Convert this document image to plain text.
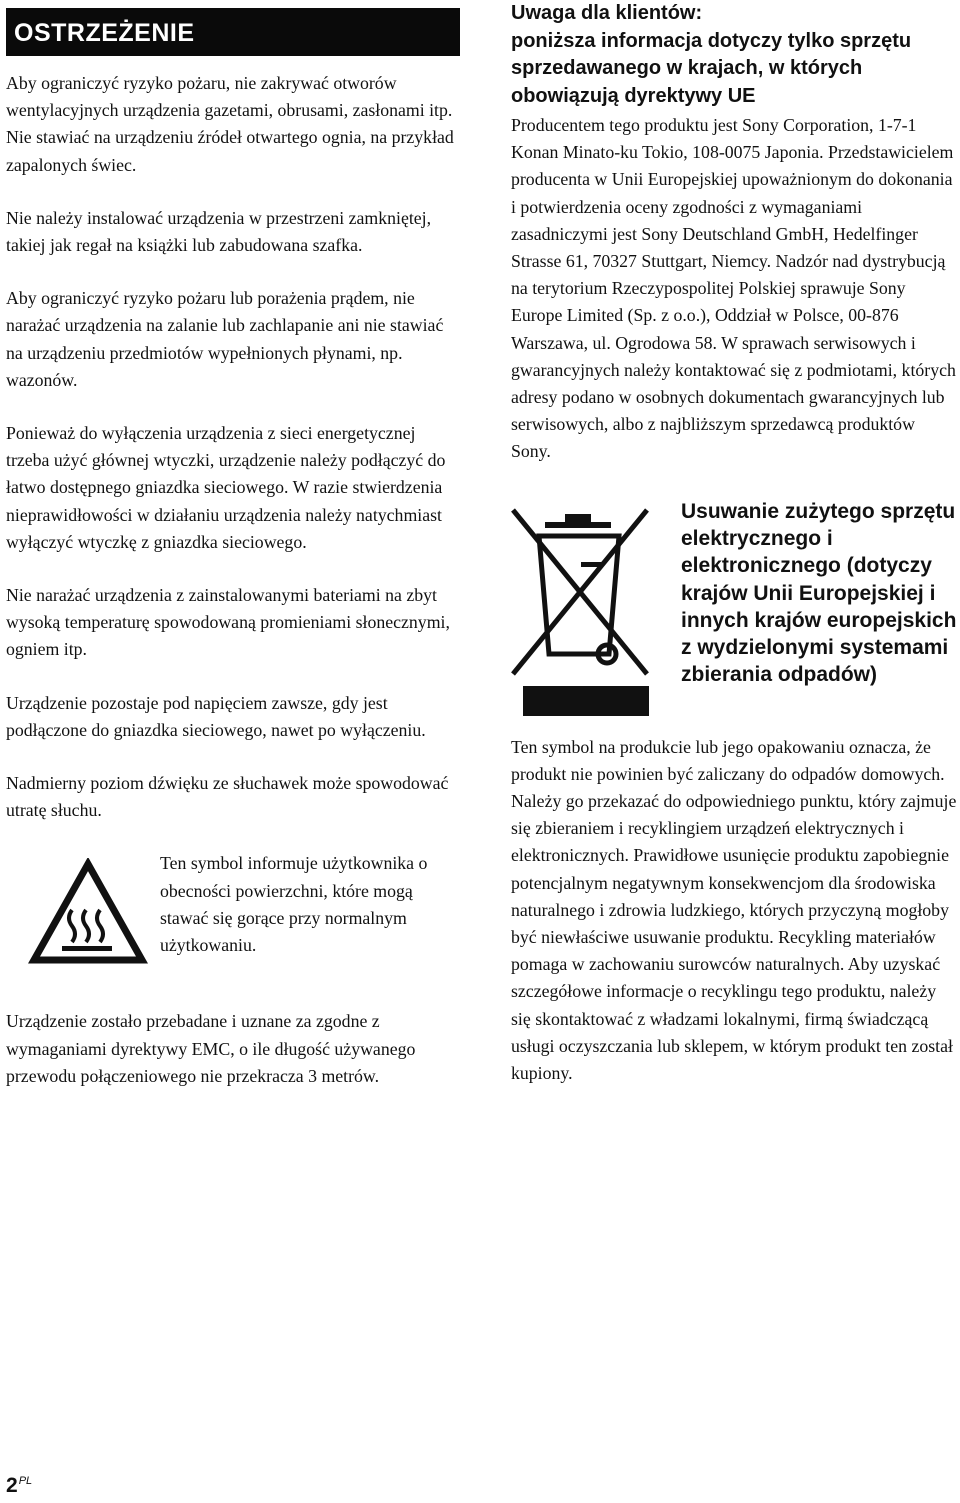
OSTRZEŻENIE

Aby ograniczyć ryzyko pożaru, nie zakrywać otworów wentylacyjnych urządzenia gazetami, obrusami, zasłonami itp. Nie stawiać na urządzeniu źródeł otwartego ognia, na przykład zapalonych świec.

Nie należy instalować urządzenia w przestrzeni zamkniętej, takiej jak regał na książki lub zabudowana szafka.

Aby ograniczyć ryzyko pożaru lub porażenia prądem, nie narażać urządzenia na zalanie lub zachlapanie ani nie stawiać na urządzeniu przedmiotów wypełnionych płynami, np. wazonów.

Ponieważ do wyłączenia urządzenia z sieci energetycznej trzeba użyć głównej wtyczki, urządzenie należy podłączyć do łatwo dostępnego gniazdka sieciowego. W razie stwierdzenia nieprawidłowości w działaniu urządzenia należy natychmiast wyłączyć wtyczkę z gniazdka sieciowego.

Nie narażać urządzenia z zainstalowanymi bateriami na zbyt wysoką temperaturę spowodowaną promieniami słonecznymi, ogniem itp.

Urządzenie pozostaje pod napięciem zawsze, gdy jest podłączone do gniazdka sieciowego, nawet po wyłączeniu.

Nadmierny poziom dźwięku ze słuchawek może spowodować utratę słuchu.

Ten symbol informuje użytkownika o obecności powierzchni, które mogą stawać się gorące przy normalnym użytkowaniu.

Urządzenie zostało przebadane i uznane za zgodne z wymaganiami dyrektywy EMC, o ile długość używanego przewodu połączeniowego nie przekracza 3 metrów.

Uwaga dla klientów:
poniższa informacja dotyczy tylko sprzętu sprzedawanego w krajach, w których obowiązują dyrektywy UE

Producentem tego produktu jest Sony Corporation, 1-7-1 Konan Minato-ku Tokio, 108-0075 Japonia. Przedstawicielem producenta w Unii Europejskiej upoważnionym do dokonania i potwierdzenia oceny zgodności z wymaganiami zasadniczymi jest Sony Deutschland GmbH, Hedelfinger Strasse 61, 70327 Stuttgart, Niemcy. Nadzór nad dystrybucją na terytorium Rzeczypospolitej Polskiej sprawuje Sony Europe Limited (Sp. z o.o.), Oddział w Polsce, 00-876 Warszawa, ul. Ogrodowa 58. W sprawach serwisowych i gwarancyjnych należy kontaktować się z podmiotami, których adresy podano w osobnych dokumentach gwarancyjnych lub serwisowych, albo z najbliższym sprzedawcą produktów Sony.

Usuwanie zużytego sprzętu elektrycznego i elektronicznego (dotyczy krajów Unii Europejskiej i innych krajów europejskich z wydzielonymi systemami zbierania odpadów)

Ten symbol na produkcie lub jego opakowaniu oznacza, że produkt nie powinien być zaliczany do odpadów domowych. Należy go przekazać do odpowiedniego punktu, który zajmuje się zbieraniem i recyklingiem urządzeń elektrycznych i elektronicznych. Prawidłowe usunięcie produktu zapobiegnie potencjalnym negatywnym konsekwencjom dla środowiska naturalnego i zdrowia ludzkiego, których przyczyną mogłoby być niewłaściwe usuwanie produktu. Recykling materiałów pomaga w zachowaniu surowców naturalnych. Aby uzyskać szczegółowe informacje o recyklingu tego produktu, należy się skontaktować z władzami lokalnymi, firmą świadczącą usługi oczyszczania lub sklepem, w którym produkt ten został kupiony.

$2^{PL}$
